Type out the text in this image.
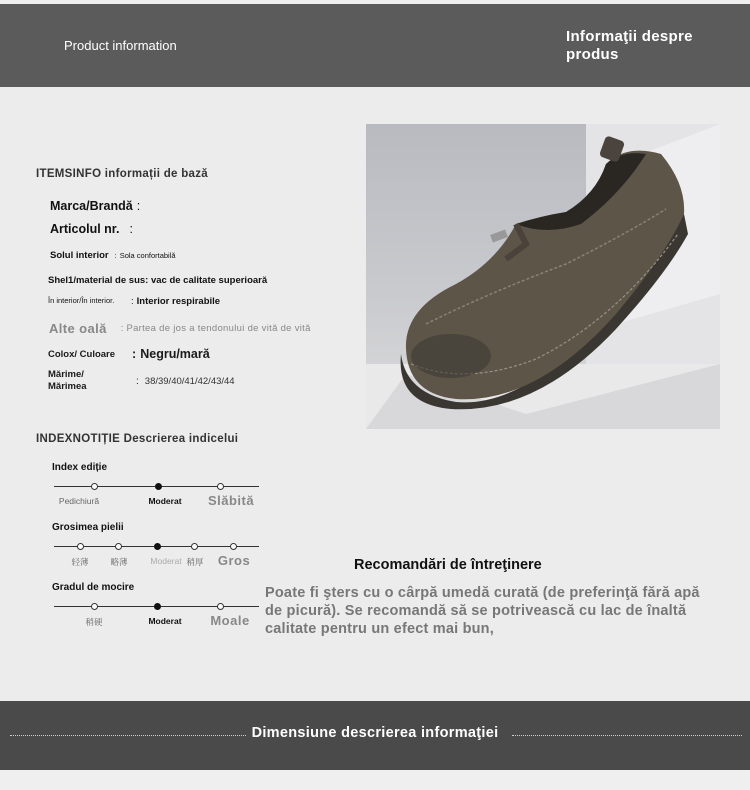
Product information
Informaţii despre produs
ITEMSINFO informații de bază
Marca/Brandă :
Articolul nr. :
Solul interior : Sola confortabilă
Shel1/material de sus: vac de calitate superioară
În interior/În interior.	: Interior respirabile
Alte oală : Partea de jos a tendonului de vită de vită
Colox/ Culoare : Negru/mară
Mărime/ Mărimea	: 38/39/40/41/42/43/44
INDEXNOTIȚIE Descrierea indicelui
Index ediție
Pedichiură	Moderat Slăbită
Grosimea pielii
轻薄	略薄	Moderat 稍厚 Gros
Gradul de mocire
稍硬	Moderat Moale
Recomandări de întreţinere
Poate fi şters cu o cârpă umedă curată (de preferinţă fără apă de picură). Se recomandă să se potrivească cu lac de înaltă calitate pentru un efect mai bun,
Dimensiune descrierea informaţiei
